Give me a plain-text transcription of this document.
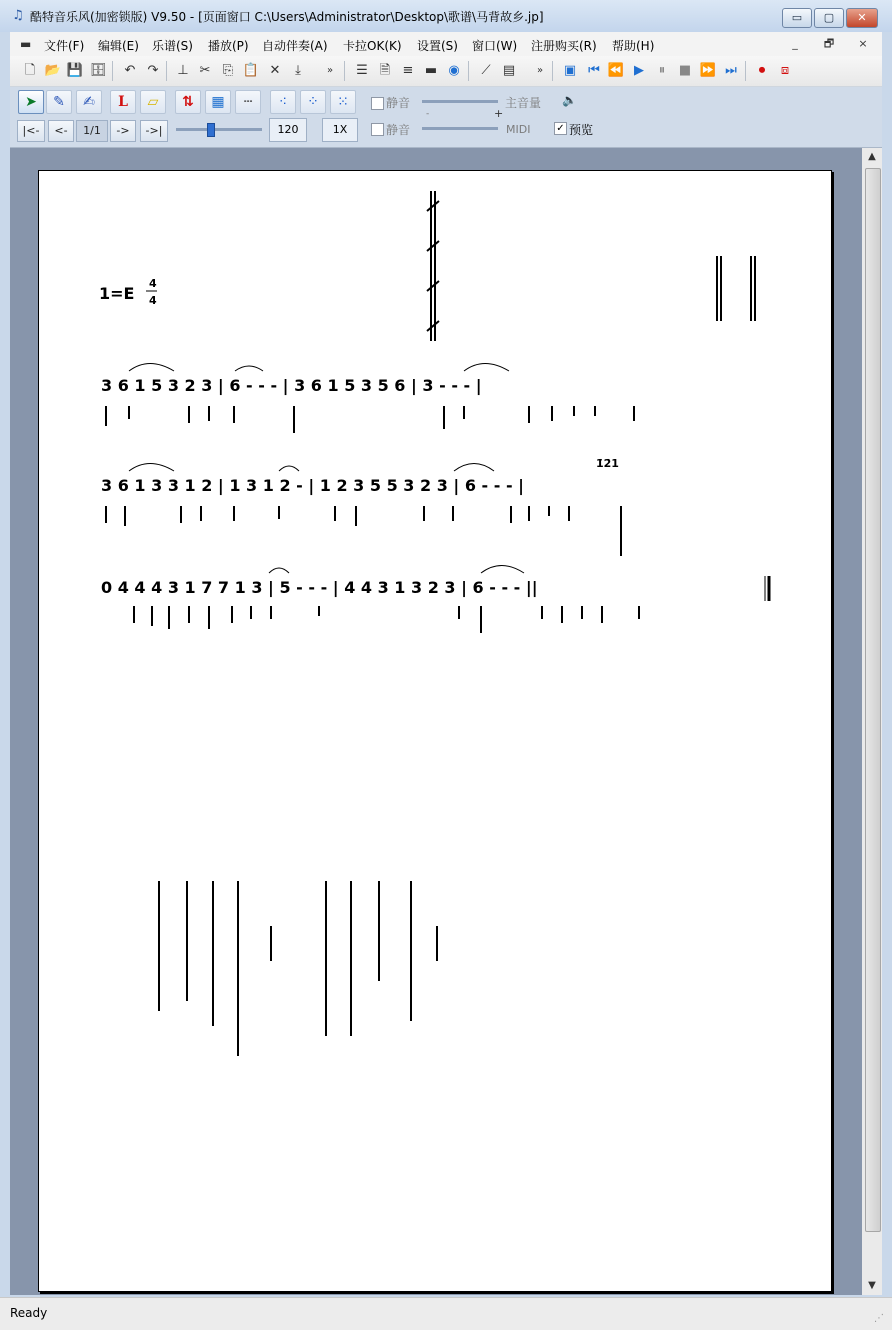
♫ 酷特音乐风(加密锁版) V9.50 - [页面窗口 C:\Users\Administrator\Desktop\歌谱\马背故乡.jp]	▭	▢	✕
▬ 文件(F) 编辑(E) 乐谱(S) 播放(P) 自动伴奏(A) 卡拉OK(K) 设置(S) 窗口(W) 注册购买(R) 帮助(H)	_	🗗	×
🗋 📂 💾 🗄	↶ ↷	⊥ ✂ ⎘ 📋 ✕	⤓	»	☰ 🗎 ≡ ▬ ◉	⟋ ▤	»	▣ ⏮ ⏪ ▶	⏸	■ ⏩ ⏭	⏺	⧈
➤	✎	✍	L	▱	⇅	▦	┄	⁖	⁘	⁙	静音	主音量 🔈
|<-	<-	1/1	->	->|	120	1X	静音
-	+
MIDI	✓ 预览
1=E
4
4
3 6 1 5 3 2 3 | 6 - - - | 3 6 1 5 3 5 6 | 3 - - - |
3 6 1 3 3 1 2 | 1 3 1 2 - | 1 2 3 5 5 3 2 3 | 6 - - - |
1̇2̇1
0 4 4 4 3 1 7 7 1 3 | 5 - - - | 4 4 3 1 3 2 3 | 6 - - - ||
▲
▼
Ready	⋰
